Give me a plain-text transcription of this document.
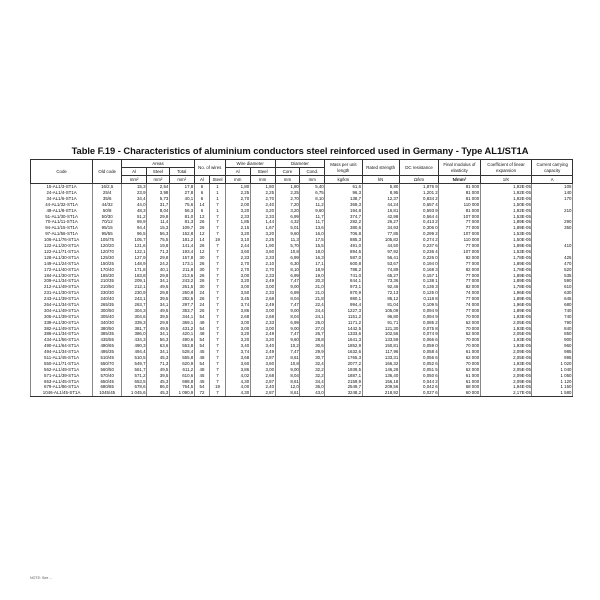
Table F.19 - Characteristics of aluminium conductors steel reinforced used in Germany - Type AL1/ST1A
Code	Old code	Areas			No. of wires		Wire diameter		Diameter		Mass per unit length	Rated strength	DC resistance	Final modulus of elasticity	Coefficient of linear expansion	Current carrying capacity
		Al	Steel	Total			Al	Steel	Core	Cond.						
		mm²	mm²	mm²	Al	Steel	mm	mm	mm	mm	kg/km	kN	Ω/km	N/mm²	1/K	A
15-AL1/3-ST1A	16/2,5	15,3	2,54	17,8	6	1	1,80	1,80	1,80	5,40	61,6	5,80	1,876 9	81 000	1,92E-05	105
24-AL1/4-ST1A	25/4	23,9	3,98	27,8	6	1	2,25	2,25	2,25	6,75	96,3	8,95	1,201 2	81 000	1,92E-05	140
34-AL1/6-ST1A	35/6	34,4	5,73	40,1	6	1	2,70	2,70	2,70	8,10	138,7	12,37	0,834 2	81 000	1,92E-05	170
44-AL1/32-ST1A	44/32	44,0	31,7	75,6	14	7	2,00	2,40	7,20	11,2	369,3	44,24	0,657 4	110 000	1,50E-05	
48-AL1/8-ST1A	50/8	48,3	8,04	56,3	6	1	3,20	3,20	3,20	9,60	194,8	16,81	0,593 9	81 000	1,92E-05	210
51-AL1/30-ST1A	50/30	51,2	29,8	81,0	12	7	2,33	2,33	6,99	11,7	374,7	42,98	0,564 4	107 000	1,53E-05	
70-AL1/11-ST1A	70/12	69,9	11,4	81,3	26	7	1,85	1,44	4,32	11,7	282,2	26,27	0,413 2	77 000	1,89E-05	290
94-AL1/15-ST1A	95/15	94,4	15,3	109,7	26	7	2,15	1,67	5,01	13,6	380,6	34,93	0,306 0	77 000	1,89E-05	350
97-AL1/56-ST1A	95/55	96,5	56,3	152,8	12	7	3,20	3,20	9,60	16,0	706,8	77,85	0,299 2	107 000	1,53E-05	
106-AL1/76-ST1A	105/75	105,7	75,5	181,2	14	19	3,10	2,25	11,3	17,5	885,3	105,82	0,274 2	110 000	1,50E-05	
122-AL1/20-ST1A	120/20	121,6	19,8	141,4	26	7	2,44	1,90	5,70	15,5	491,0	44,50	0,237 6	77 000	1,89E-05	410
122-AL1/71-ST1A	120/70	122,1	71,3	193,4	12	7	3,60	3,60	10,8	18,0	894,5	97,92	0,236 4	107 000	1,53E-05	
128-AL1/30-ST1A	125/30	127,9	29,8	157,8	30	7	2,33	2,33	6,99	16,3	587,0	56,41	0,226 0	82 000	1,78E-05	425
149-AL1/24-ST1A	150/25	148,9	24,2	173,1	26	7	2,70	2,10	6,30	17,1	600,8	53,67	0,194 0	77 000	1,89E-05	470
172-AL1/40-ST1A	170/40	171,8	40,1	211,8	30	7	2,70	2,70	8,10	18,9	788,2	74,89	0,168 3	82 000	1,78E-05	520
184-AL1/30-ST1A	185/30	183,8	29,8	213,6	26	7	3,00	2,33	6,99	19,0	741,0	65,27	0,157 1	77 000	1,89E-05	535
209-AL1/34-ST1A	210/35	209,1	34,1	243,2	26	7	3,20	2,49	7,47	20,3	844,1	73,36	0,138 1	77 000	1,89E-05	590
212-AL1/49-ST1A	210/50	212,1	49,5	261,5	30	7	3,00	3,00	9,00	21,0	973,1	92,46	0,136 3	82 000	1,78E-05	610
231-AL1/30-ST1A	230/30	230,9	29,8	260,8	24	7	3,50	2,33	6,99	21,0	870,9	72,13	0,125 0	74 000	1,96E-05	630
243-AL1/39-ST1A	240/40	243,1	39,5	282,5	26	7	3,45	2,68	8,04	21,8	980,1	85,12	0,118 8	77 000	1,89E-05	645
264-AL1/34-ST1A	265/35	263,7	34,1	297,7	24	7	3,74	2,49	7,47	22,4	994,4	81,04	0,109 5	74 000	1,96E-05	680
304-AL1/49-ST1A	300/50	304,3	49,5	353,7	26	7	3,86	3,00	9,00	24,4	1227,3	105,09	0,094 9	77 000	1,89E-05	740
305-AL1/39-ST1A	305/40	304,6	39,5	344,1	54	7	2,68	2,68	8,04	24,1	1151,2	96,80	0,094 9	70 000	1,93E-05	740
339-AL1/30-ST1A	340/30	339,3	29,8	369,1	48	7	3,00	2,33	6,99	25,0	1171,2	91,71	0,085 2	62 000	2,05E-05	790
382-AL1/49-ST1A	380/50	381,7	49,5	431,2	54	7	3,00	3,00	9,00	27,0	1442,5	121,30	0,075 8	70 000	1,93E-05	840
386-AL1/34-ST1A	385/35	386,0	34,1	420,1	48	7	3,20	2,49	7,47	26,7	1333,6	102,56	0,074 9	62 000	2,05E-05	850
434-AL1/56-ST1A	435/55	434,3	56,3	490,6	54	7	3,20	3,20	9,60	28,8	1641,3	133,59	0,066 6	70 000	1,93E-05	900
490-AL1/64-ST1A	490/65	490,3	63,6	553,8	54	7	3,40	3,40	10,2	30,6	1852,9	150,81	0,059 0	70 000	1,93E-05	960
494-AL1/34-ST1A	495/35	494,4	34,1	528,4	45	7	3,74	2,49	7,47	29,9	1632,6	117,96	0,058 4	61 000	2,09E-05	985
511-AL1/45-ST1A	510/45	510,5	45,3	555,8	48	7	3,68	2,87	8,61	30,7	1765,3	133,31	0,056 6	62 000	2,05E-05	995
550-AL1/71-ST1A	550/70	549,7	71,3	620,9	54	7	3,60	3,60	10,8	32,4	2077,2	166,32	0,052 6	70 000	1,93E-05	1 020
562-AL1/49-ST1A	560/50	561,7	49,5	611,2	48	7	3,86	3,00	9,00	32,2	1939,5	146,28	0,051 5	62 000	2,05E-05	1 040
571-AL1/39-ST1A	570/40	571,2	39,5	610,6	45	7	4,02	2,68	8,04	32,2	1887,1	136,40	0,050 6	61 000	2,09E-05	1 050
653-AL1/45-ST1A	650/45	653,5	45,3	698,8	45	7	4,30	2,87	8,61	34,4	2159,9	156,18	0,044 2	61 000	2,09E-05	1 120
679-AL1/86-ST1A	680/85	678,6	86,0	764,5	54	19	4,00	2,40	12,0	36,0	2549,7	209,56	0,042 6	68 000	1,94E-05	1 150
1046-AL1/45-ST1A	1045/45	1 045,6	45,3	1 090,9	72	7	4,30	2,87	8,61	43,0	3248,2	218,92	0,027 6	60 000	2,17E-05	1 580
NOTE: See ...
